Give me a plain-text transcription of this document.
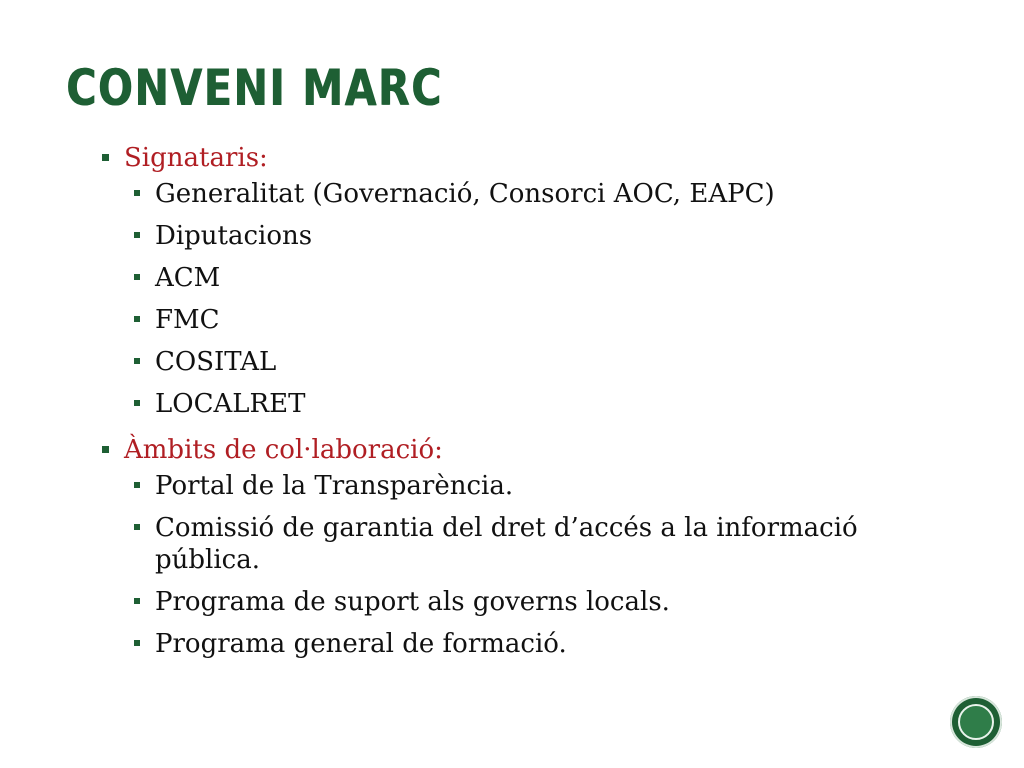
CONVENI MARC
Signataris:
Generalitat (Governació, Consorci AOC, EAPC)
Diputacions
ACM
FMC
COSITAL
LOCALRET
Àmbits de col·laboració:
Portal de la Transparència.
Comissió de garantia del dret d’accés a la informació pública.
Programa de suport als governs locals.
Programa general de formació.
